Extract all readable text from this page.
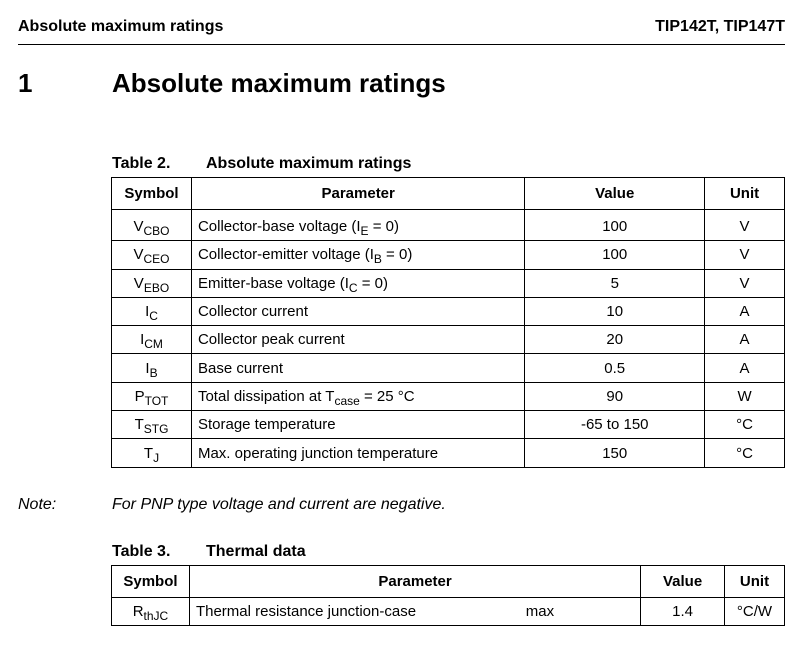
Absolute maximum ratings	TIP142T, TIP147T
1	Absolute maximum ratings
Table 2. Absolute maximum ratings
Symbol	Parameter	Value	Unit
$V_{CBO}$	Collector-base voltage $(I_E = 0)$	100	V
$V_{CEO}$	Collector-emitter voltage $(I_B = 0)$	100	V
$V_{EBO}$	Emitter-base voltage $(I_C = 0)$	5	V
$I_C$	Collector current	10	A
$I_{CM}$	Collector peak current	20	A
$I_B$	Base current	0.5	A
$P_{TOT}$	Total dissipation at $T_{case} = 25$ °C	90	W
$T_{STG}$	Storage temperature	-65 to 150	°C
$T_J$	Max. operating junction temperature	150	°C
Note:	For PNP type voltage and current are negative.
Table 3. Thermal data
Symbol	Parameter	Value	Unit
$R_{thJC}$	Thermal resistance junction-case max	1.4	°C/W
